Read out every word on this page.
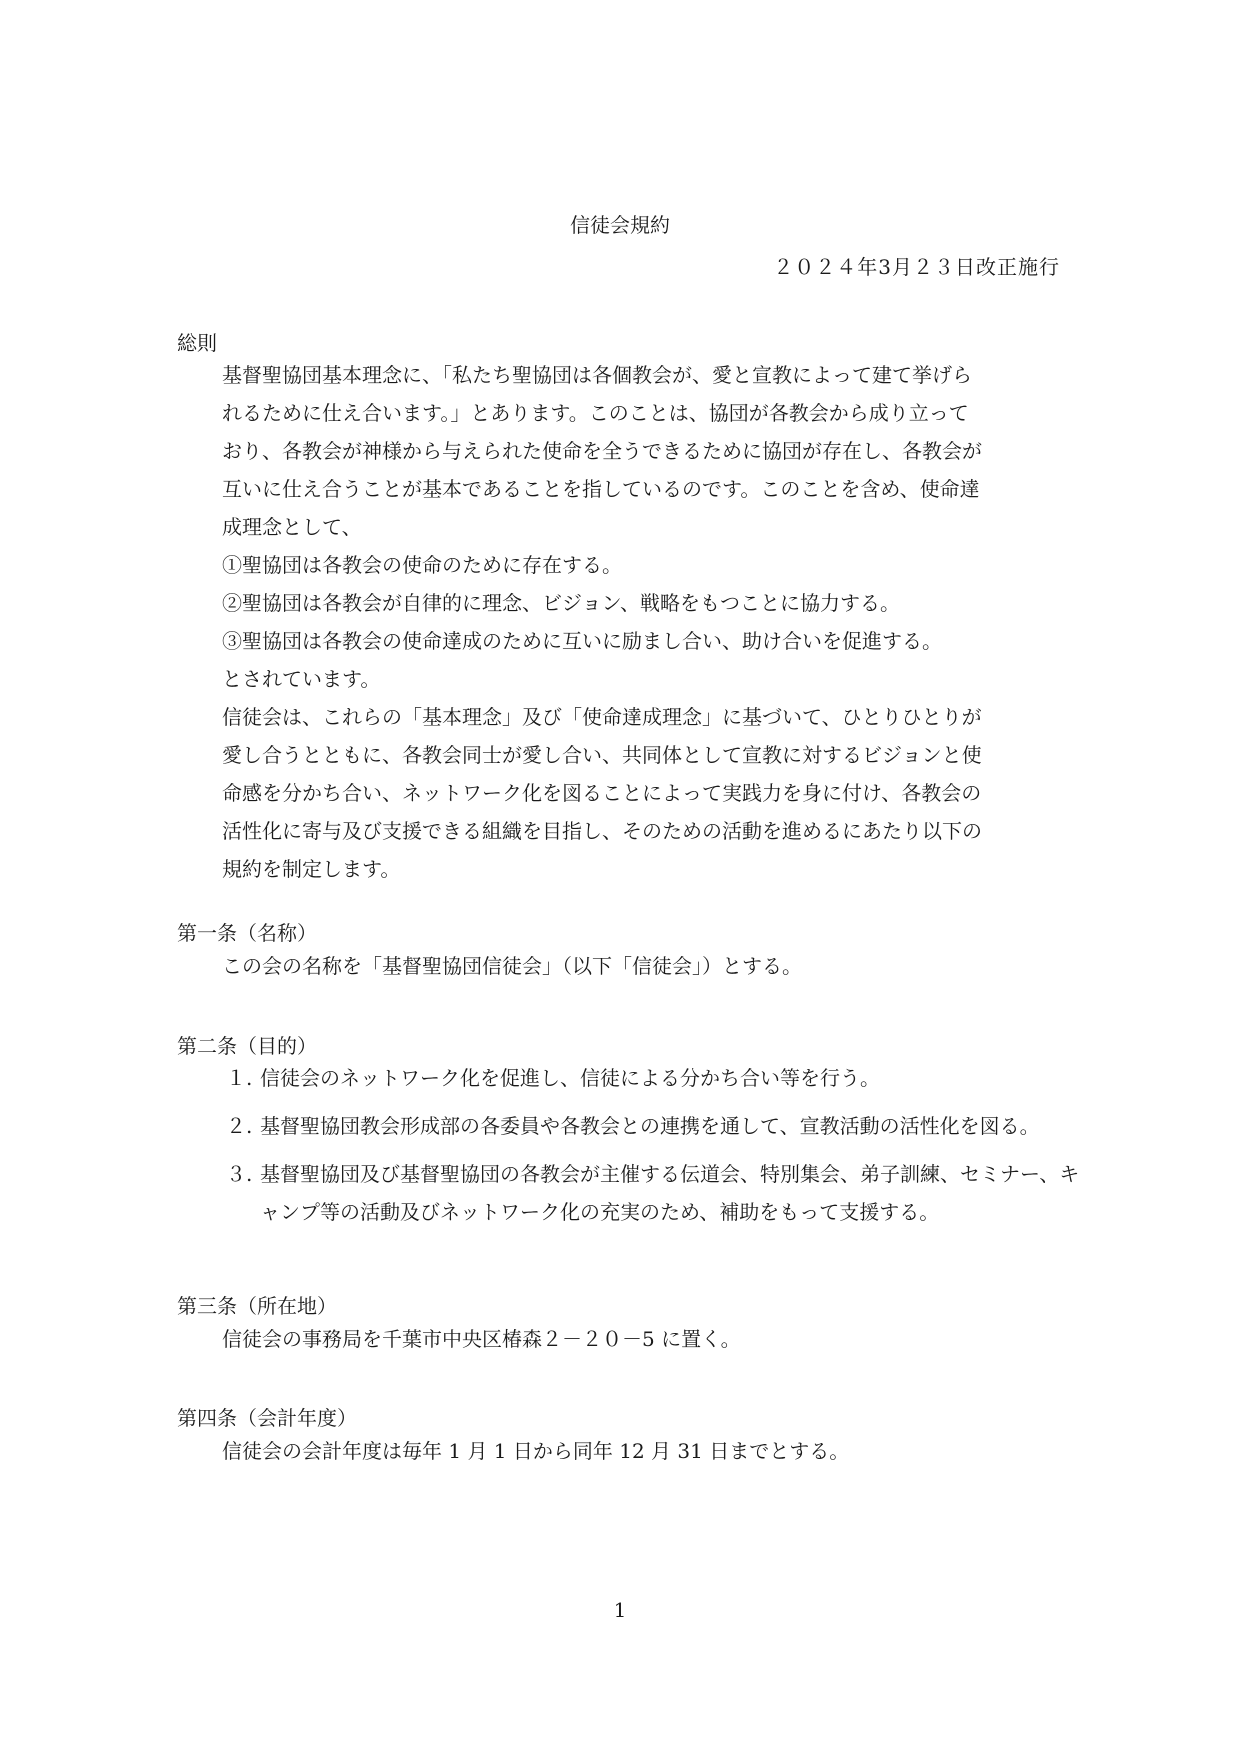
信徒会規約
２０２４年3月２３日改正施行
総則

基督聖協団基本理念に、「私たち聖協団は各個教会が、愛と宣教によって建て挙げら

れるために仕え合います。」とあります。このことは、協団が各教会から成り立って

おり、各教会が神様から与えられた使命を全うできるために協団が存在し、各教会が

互いに仕え合うことが基本であることを指しているのです。このことを含め、使命達

成理念として、

①聖協団は各教会の使命のために存在する。

②聖協団は各教会が自律的に理念、ビジョン、戦略をもつことに協力する。

③聖協団は各教会の使命達成のために互いに励まし合い、助け合いを促進する。

とされています。

信徒会は、これらの「基本理念」及び「使命達成理念」に基づいて、ひとりひとりが

愛し合うとともに、各教会同士が愛し合い、共同体として宣教に対するビジョンと使

命感を分かち合い、ネットワーク化を図ることによって実践力を身に付け、各教会の

活性化に寄与及び支援できる組織を目指し、そのための活動を進めるにあたり以下の

規約を制定します。

第一条（名称）
この会の名称を「基督聖協団信徒会」（以下「信徒会」）とする。
第二条（目的）
１. 信徒会のネットワーク化を促進し、信徒による分かち合い等を行う。
２. 基督聖協団教会形成部の各委員や各教会との連携を通して、宣教活動の活性化を図る。
３. 基督聖協団及び基督聖協団の各教会が主催する伝道会、特別集会、弟子訓練、セミナー、キャンプ等の活動及びネットワーク化の充実のため、補助をもって支援する。
第三条（所在地）
信徒会の事務局を千葉市中央区椿森２－２０－5 に置く。
第四条（会計年度）
信徒会の会計年度は毎年 1 月 1 日から同年 12 月 31 日までとする。
1
